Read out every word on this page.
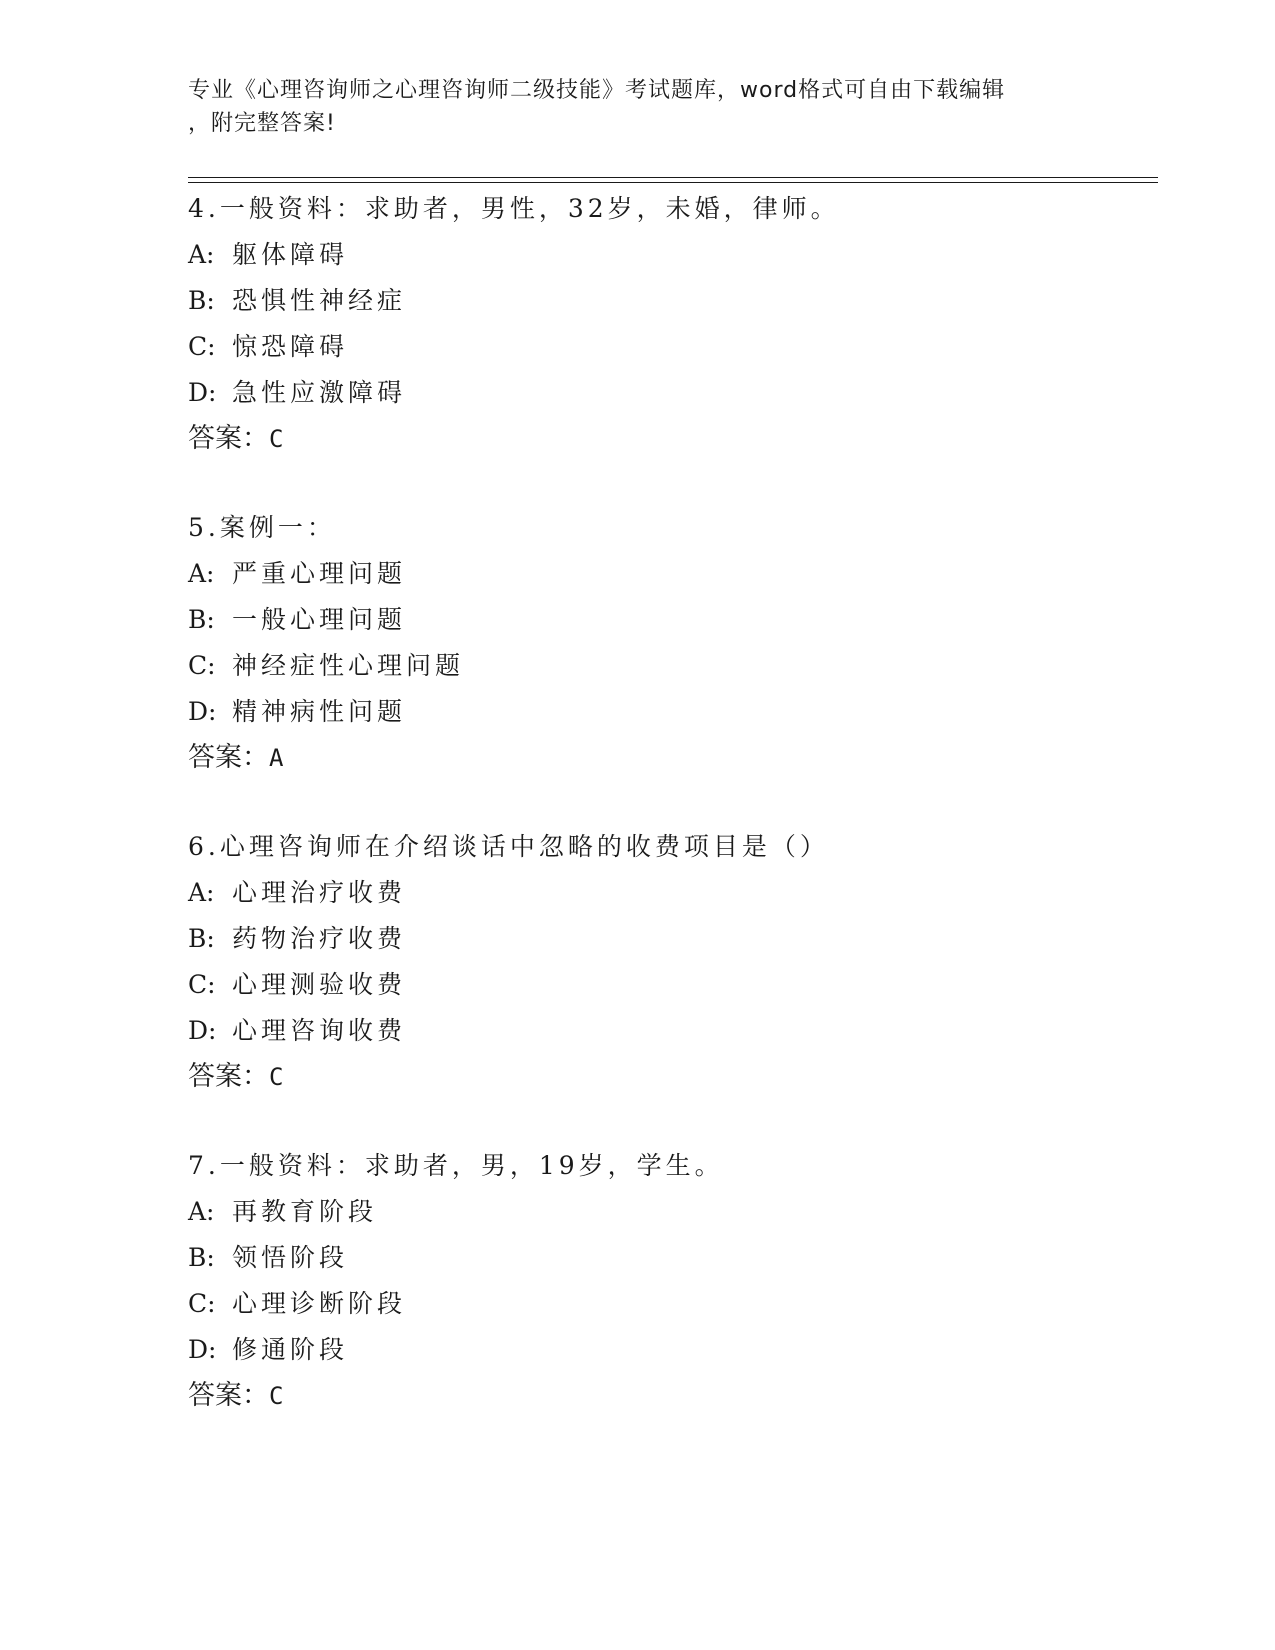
专业《心理咨询师之心理咨询师二级技能》考试题库，word格式可自由下载编辑
，附完整答案!
4.一般资料：求助者，男性，32岁，未婚，律师。
A: 躯体障碍
B: 恐惧性神经症
C: 惊恐障碍
D: 急性应激障碍
答案：C
5.案例一：
A: 严重心理问题
B: 一般心理问题
C: 神经症性心理问题
D: 精神病性问题
答案：A
6.心理咨询师在介绍谈话中忽略的收费项目是（）
A: 心理治疗收费
B: 药物治疗收费
C: 心理测验收费
D: 心理咨询收费
答案：C
7.一般资料：求助者，男，19岁，学生。
A: 再教育阶段
B: 领悟阶段
C: 心理诊断阶段
D: 修通阶段
答案：C
